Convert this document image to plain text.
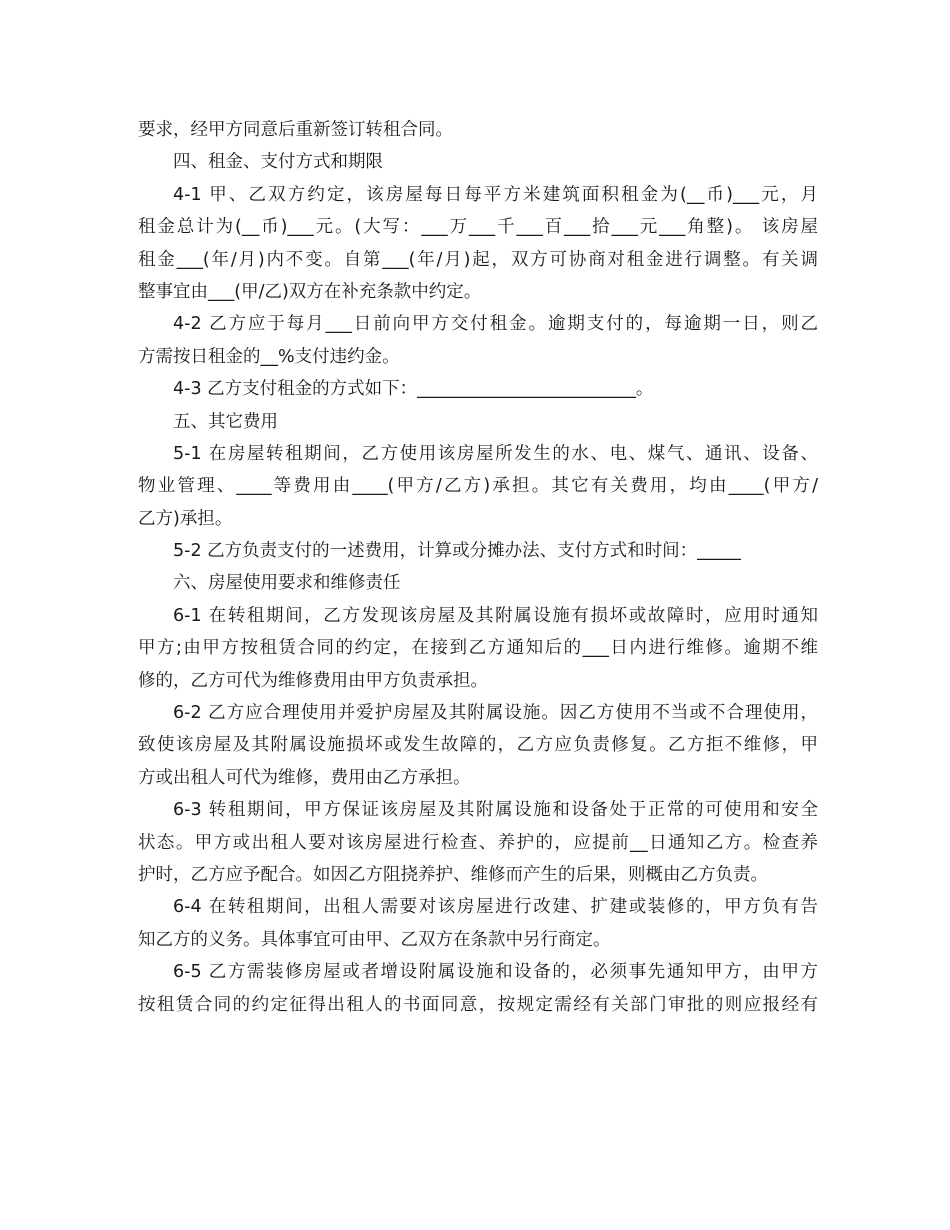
要求，经甲方同意后重新签订转租合同。
四、租金、支付方式和期限
4-1 甲、乙双方约定，该房屋每日每平方米建筑面积租金为(__币)___元，月
租金总计为(__币)___元。(大写：___万___千___百___拾___元___角整)。 该房屋
租金___(年/月)内不变。自第___(年/月)起，双方可协商对租金进行调整。有关调
整事宜由___(甲/乙)双方在补充条款中约定。
4-2 乙方应于每月___日前向甲方交付租金。逾期支付的，每逾期一日，则乙
方需按日租金的__%支付违约金。
4-3 乙方支付租金的方式如下：_________________________。
五、其它费用
5-1 在房屋转租期间，乙方使用该房屋所发生的水、电、煤气、通讯、设备、
物业管理、____等费用由____(甲方/乙方)承担。其它有关费用，均由____(甲方/
乙方)承担。
5-2 乙方负责支付的一述费用，计算或分摊办法、支付方式和时间：_____
六、房屋使用要求和维修责任
6-1 在转租期间，乙方发现该房屋及其附属设施有损坏或故障时，应用时通知
甲方;由甲方按租赁合同的约定，在接到乙方通知后的___日内进行维修。逾期不维
修的，乙方可代为维修费用由甲方负责承担。
6-2 乙方应合理使用并爱护房屋及其附属设施。因乙方使用不当或不合理使用，
致使该房屋及其附属设施损坏或发生故障的，乙方应负责修复。乙方拒不维修，甲
方或出租人可代为维修，费用由乙方承担。
6-3 转租期间，甲方保证该房屋及其附属设施和设备处于正常的可使用和安全
状态。甲方或出租人要对该房屋进行检查、养护的，应提前__日通知乙方。检查养
护时，乙方应予配合。如因乙方阻挠养护、维修而产生的后果，则概由乙方负责。
6-4 在转租期间，出租人需要对该房屋进行改建、扩建或装修的，甲方负有告
知乙方的义务。具体事宜可由甲、乙双方在条款中另行商定。
6-5 乙方需装修房屋或者增设附属设施和设备的，必须事先通知甲方，由甲方
按租赁合同的约定征得出租人的书面同意，按规定需经有关部门审批的则应报经有
